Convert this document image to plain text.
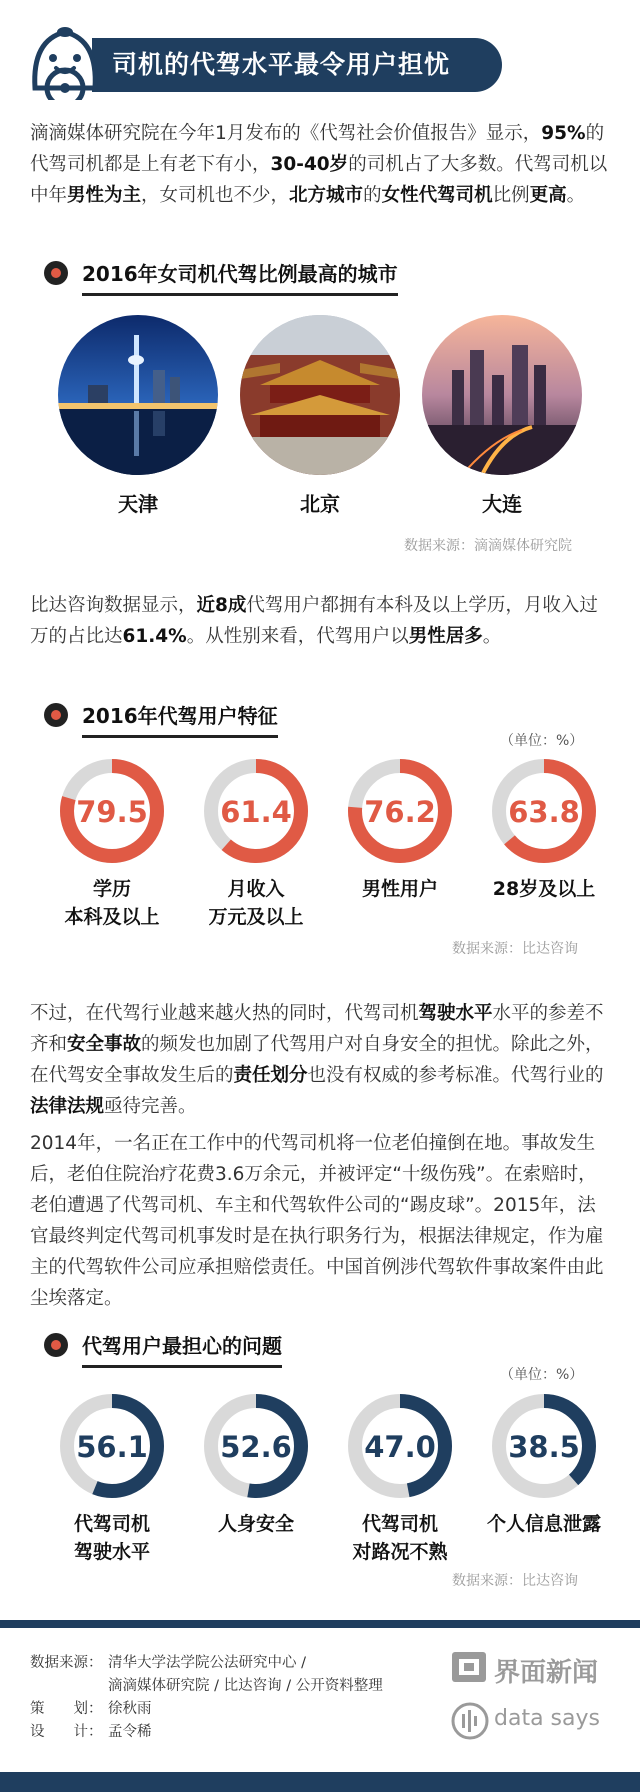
司机的代驾水平最令用户担忧

滴滴媒体研究院在今年1月发布的《代驾社会价值报告》显示，95%的代驾司机都是上有老下有小，30-40岁的司机占了大多数。代驾司机以中年男性为主，女司机也不少，北方城市的女性代驾司机比例更高。

2016年女司机代驾比例最高的城市
天津	北京	大连
数据来源：滴滴媒体研究院

比达咨询数据显示，近8成代驾用户都拥有本科及以上学历，月收入过万的占比达61.4%。从性别来看，代驾用户以男性居多。

2016年代驾用户特征
（单位：%）
79.5
学历
本科及以上
61.4
月收入
万元及以上
76.2
男性用户
63.8
28岁及以上
数据来源：比达咨询

不过，在代驾行业越来越火热的同时，代驾司机驾驶水平水平的参差不齐和安全事故的频发也加剧了代驾用户对自身安全的担忧。除此之外，在代驾安全事故发生后的责任划分也没有权威的参考标准。代驾行业的法律法规亟待完善。

2014年，一名正在工作中的代驾司机将一位老伯撞倒在地。事故发生后，老伯住院治疗花费3.6万余元，并被评定“十级伤残”。在索赔时，老伯遭遇了代驾司机、车主和代驾软件公司的“踢皮球”。2015年，法官最终判定代驾司机事发时是在执行职务行为，根据法律规定，作为雇主的代驾软件公司应承担赔偿责任。中国首例涉代驾软件事故案件由此尘埃落定。

代驾用户最担心的问题
（单位：%）
56.1
代驾司机
驾驶水平
52.6
人身安全
47.0
代驾司机
对路况不熟
38.5
个人信息泄露
数据来源：比达咨询
数据来源： 清华大学法学院公法研究中心 /
滴滴媒体研究院 / 比达咨询 / 公开资料整理
策　　划： 徐秋雨
设　　计： 孟令稀
界面新闻
data says
